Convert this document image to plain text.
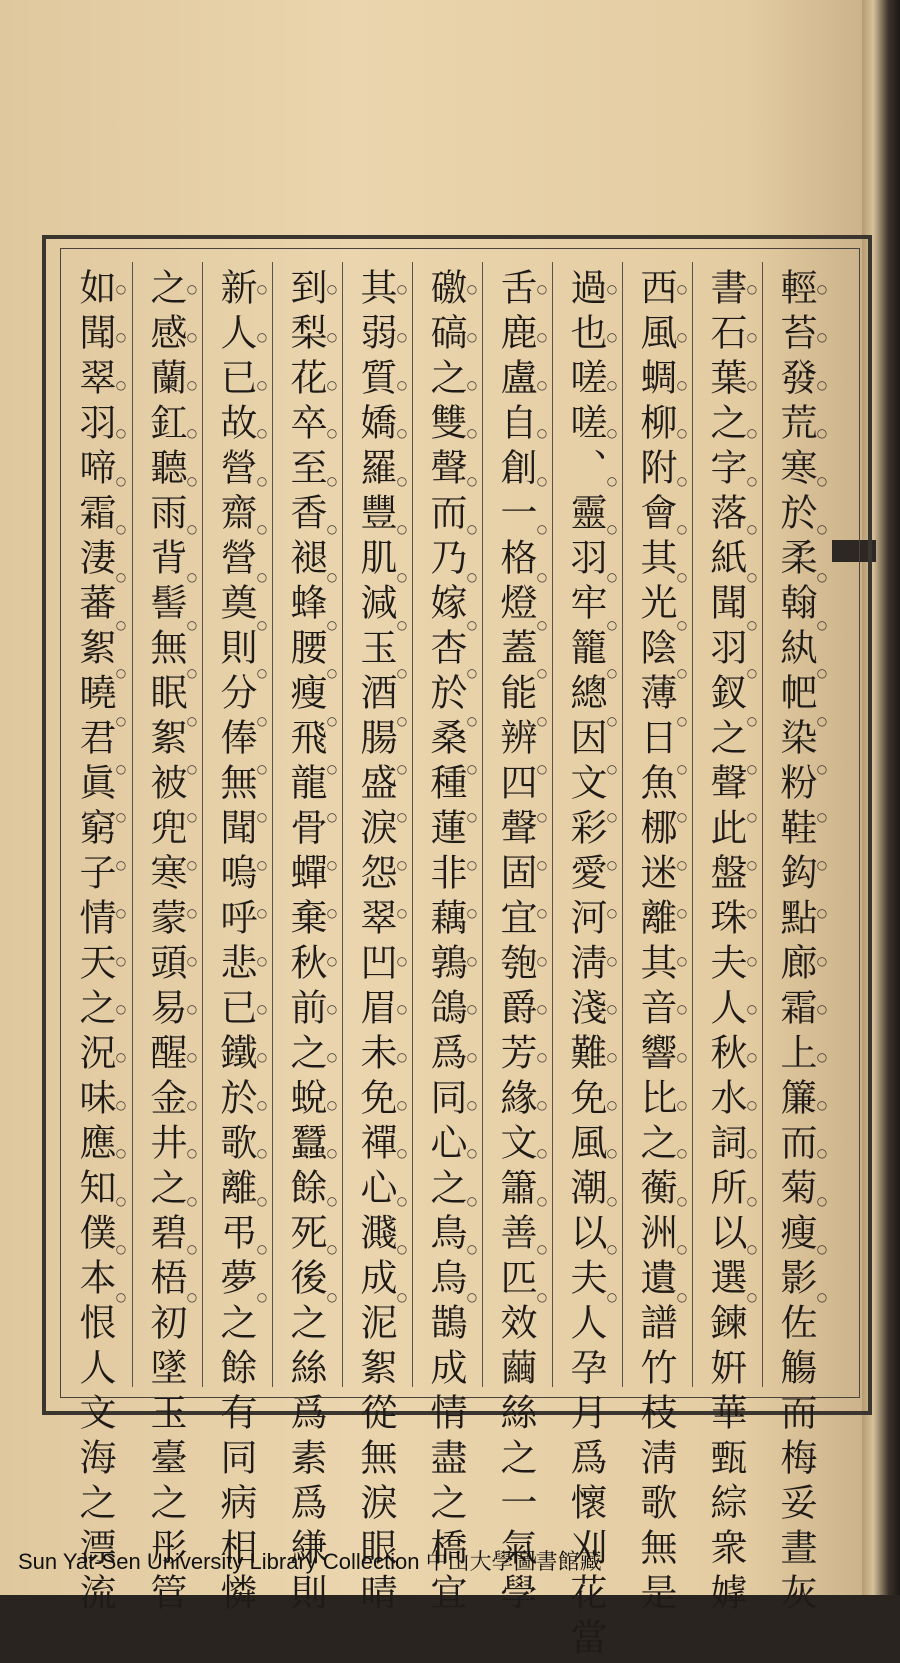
輕苔發荒寒於柔翰紈帊染粉鞋鈎點廊霜上簾而菊瘦影佐觴而梅妥晝灰
○○○○○○○○○○○○○○○○○○○○○○
書石葉之字落紙聞羽釵之聲此盤珠夫人秋水詞所以選鍊姸華甄綜衆嫭
○○○○○○○○○○○○○○○○○○○○○○
西風蜩柳附會其光陰薄日魚梛迷離其音響比之蘅洲遺譜竹枝淸歌無是
○○○○○○○○○○○○○○○○○○○○○○
過也嗟嗟、靈羽牢籠總因文彩愛河淸淺難免風潮以夫人孕月爲懷刈花當
○○○○○○○○○○○○○○○○○○○○○○
舌鹿盧自創一格燈蓋能辨四聲固宜匏爵芳緣文簫善匹效繭絲之一氣學
○○○○○○○○○○○○○○○○○○○○○○
礉碻之雙聲而乃嫁杏於桑種蓮非藕鶉鴿爲同心之鳥烏鵲成情盡之橋宜
○○○○○○○○○○○○○○○○○○○○○○
其弱質嬌羅豐肌減玉酒腸盛淚怨翠凹眉未免禪心濺成泥絮從無淚眼晴
○○○○○○○○○○○○○○○○○○○○○○
到梨花卒至香褪蜂腰瘦飛龍骨蟬棄秋前之蛻蠶餘死後之絲爲素爲縑則
○○○○○○○○○○○○○○○○○○○○○○
新人已故營齋營奠則分俸無聞嗚呼悲已鐵於歌離弔夢之餘有同病相憐
○○○○○○○○○○○○○○○○○○○○○○
之感蘭釭聽雨背髻無眠絮被兜寒蒙頭易醒金井之碧梧初墜玉臺之彤管
○○○○○○○○○○○○○○○○○○○○○○
如聞翠羽啼霜淒蕃絮曉君眞窮子情天之況味應知僕本恨人文海之漂流
○○○○○○○○○○○○○○○○○○○○○○
Sun Yat-Sen University Library Collection 中山大學圖書館藏
